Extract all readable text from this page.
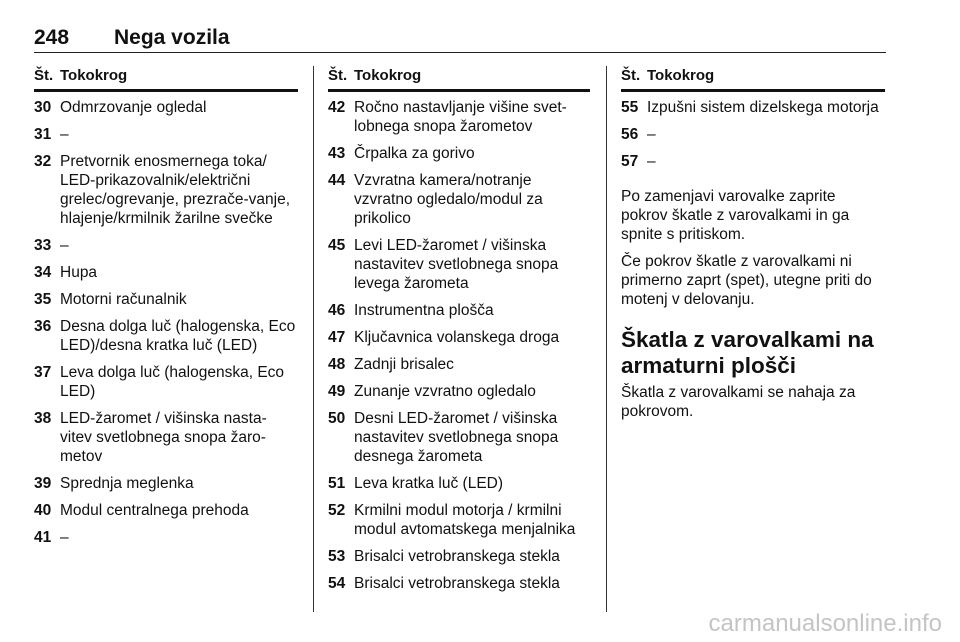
248 Nega vozila
Št. Tokokrog
30 Odmrzovanje ogledal
31 –
32 Pretvornik enosmernega toka/ LED-prikazovalnik/električni grelec/ogrevanje, prezrače-vanje, hlajenje/krmilnik žarilne svečke
33 –
34 Hupa
35 Motorni računalnik
36 Desna dolga luč (halogenska, Eco LED)/desna kratka luč (LED)
37 Leva dolga luč (halogenska, Eco LED)
38 LED-žaromet / višinska nasta-vitev svetlobnega snopa žaro-metov
39 Sprednja meglenka
40 Modul centralnega prehoda
41 –
Št. Tokokrog
42 Ročno nastavljanje višine svet-lobnega snopa žarometov
43 Črpalka za gorivo
44 Vzvratna kamera/notranje vzvratno ogledalo/modul za prikolico
45 Levi LED-žaromet / višinska nastavitev svetlobnega snopa levega žarometa
46 Instrumentna plošča
47 Ključavnica volanskega droga
48 Zadnji brisalec
49 Zunanje vzvratno ogledalo
50 Desni LED-žaromet / višinska nastavitev svetlobnega snopa desnega žarometa
51 Leva kratka luč (LED)
52 Krmilni modul motorja / krmilni modul avtomatskega menjalnika
53 Brisalci vetrobranskega stekla
54 Brisalci vetrobranskega stekla
Št. Tokokrog
55 Izpušni sistem dizelskega motorja
56 –
57 –

Po zamenjavi varovalke zaprite pokrov škatle z varovalkami in ga spnite s pritiskom.

Če pokrov škatle z varovalkami ni primerno zaprt (spet), utegne priti do motenj v delovanju.

Škatla z varovalkami na armaturni plošči

Škatla z varovalkami se nahaja za pokrovom.

carmanualsonline.info
